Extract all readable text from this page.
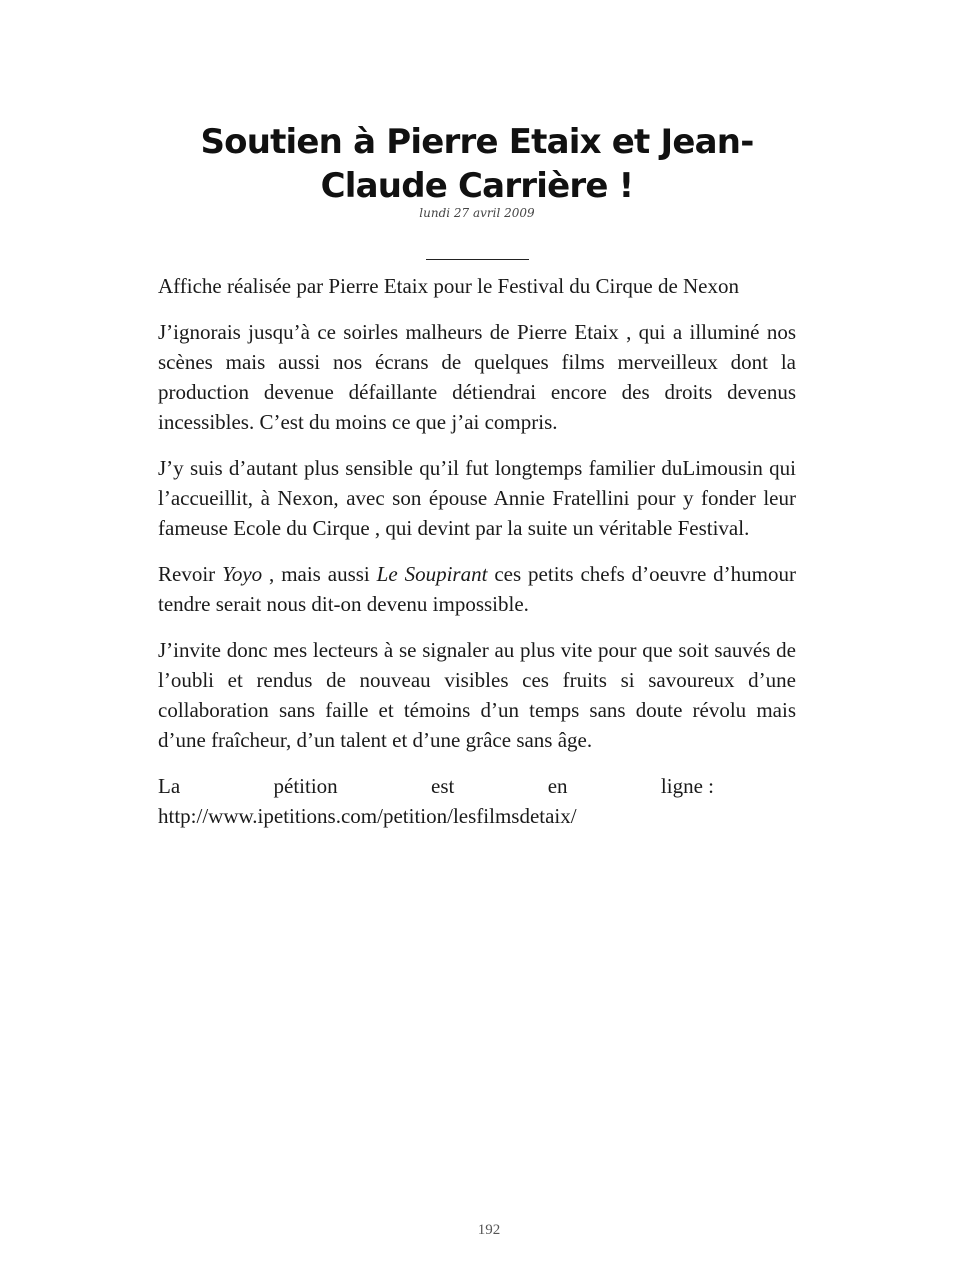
Soutien à Pierre Etaix et Jean-Claude Carrière !
lundi 27 avril 2009

Affiche réalisée par Pierre Etaix pour le Festival du Cirque de Nexon

J’ignorais jusqu’à ce soirles malheurs de Pierre Etaix , qui a illuminé nos scènes mais aussi nos écrans de quelques films merveilleux dont la production devenue défaillante détiendrai encore des droits devenus incessibles. C’est du moins ce que j’ai compris.

J’y suis d’autant plus sensible qu’il fut longtemps familier duLimousin qui l’accueillit, à Nexon, avec son épouse Annie Fratellini pour y fonder leur fameuse Ecole du Cirque , qui devint par la suite un véritable Festival.

Revoir Yoyo , mais aussi Le Soupirant ces petits chefs d’oeuvre d’humour tendre serait nous dit-on devenu impossible.

J’invite donc mes lecteurs à se signaler au plus vite pour que soit sauvés de l’oubli et rendus de nouveau visibles ces fruits si savoureux d’une collaboration sans faille et témoins d’un temps sans doute révolu mais d’une fraîcheur, d’un talent et d’une grâce sans âge.

La	pétition	est	en	ligne :
http://www.ipetitions.com/petition/lesfilmsdetaix/

192
